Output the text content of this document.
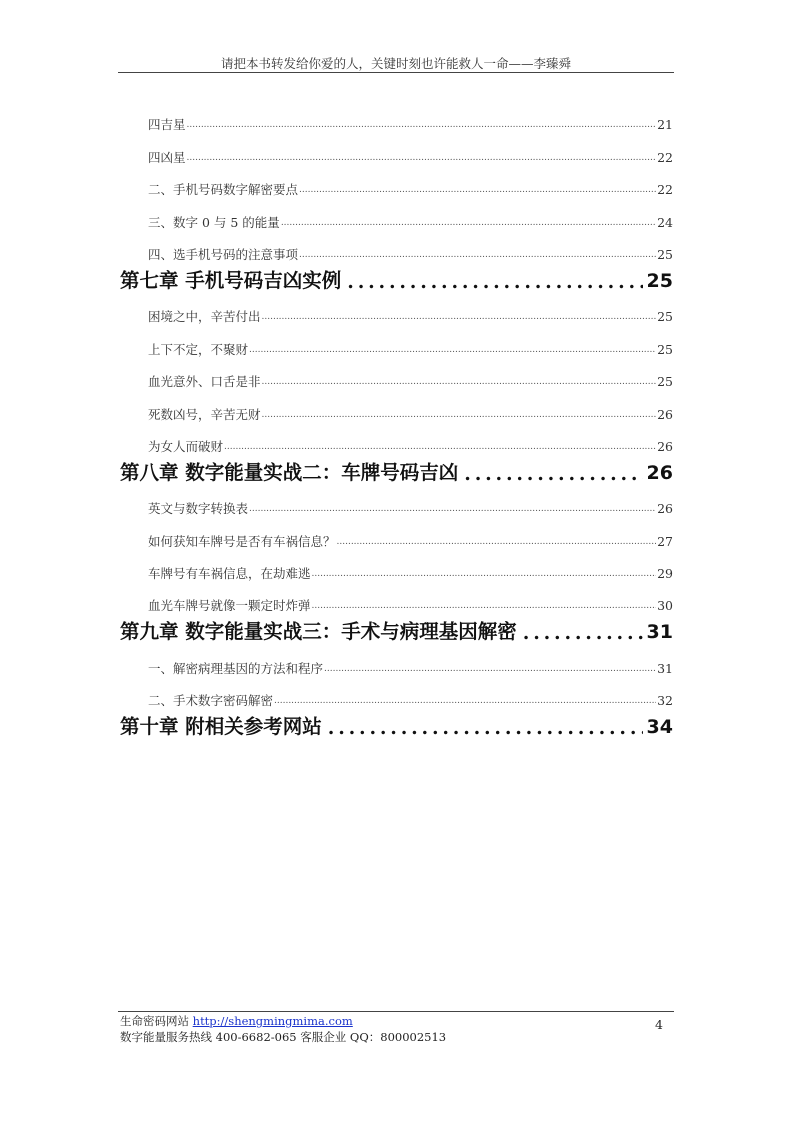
请把本书转发给你爱的人，关键时刻也许能救人一命——李臻舜
四吉星 .....	21
四凶星 .....	22
二、手机号码数字解密要点 .....	22
三、数字 0 与 5 的能量 .....	24
四、选手机号码的注意事项 .....	25
第七章 手机号码吉凶实例 .....	25
困境之中，辛苦付出 .....	25
上下不定，不聚财 .....	25
血光意外、口舌是非 .....	25
死数凶号，辛苦无财 .....	26
为女人而破财 .....	26
第八章 数字能量实战二：车牌号码吉凶 .....	26
英文与数字转换表 .....	26
如何获知车牌号是否有车祸信息？ .....	27
车牌号有车祸信息，在劫难逃 .....	29
血光车牌号就像一颗定时炸弹 .....	30
第九章 数字能量实战三：手术与病理基因解密 .....	31
一、解密病理基因的方法和程序 .....	31
二、手术数字密码解密 .....	32
第十章 附相关参考网站 .....	34
生命密码网站 http://shengmingmima.com
数字能量服务热线 400-6682-065 客服企业 QQ：800002513
4
